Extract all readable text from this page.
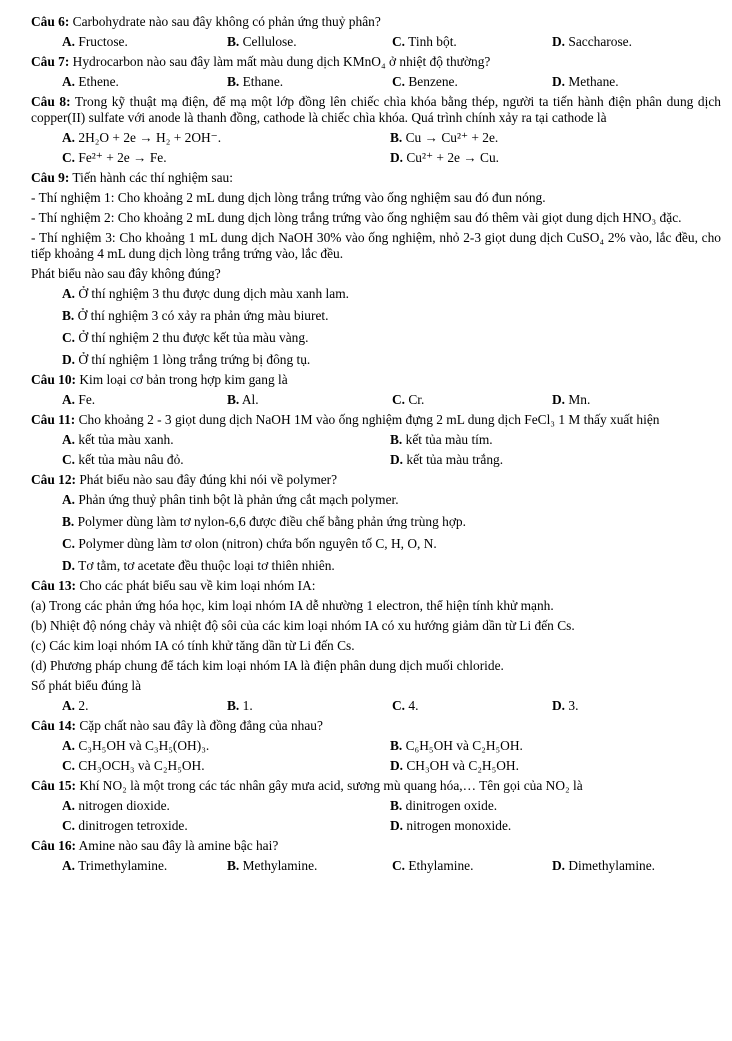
Câu 6: Carbohydrate nào sau đây không có phản ứng thuỷ phân?
A. Fructose.	B. Cellulose.	C. Tinh bột.	D. Saccharose.
Câu 7: Hydrocarbon nào sau đây làm mất màu dung dịch KMnO₄ ở nhiệt độ thường?
A. Ethene.	B. Ethane.	C. Benzene.	D. Methane.
Câu 8: Trong kỹ thuật mạ điện, để mạ một lớp đồng lên chiếc chìa khóa bằng thép, người ta tiến hành điện phân dung dịch copper(II) sulfate với anode là thanh đồng, cathode là chiếc chìa khóa. Quá trình chính xảy ra tại cathode là
A. 2H₂O + 2e → H₂ + 2OH⁻.	B. Cu → Cu²⁺ + 2e.
C. Fe²⁺ + 2e → Fe.	D. Cu²⁺ + 2e → Cu.
Câu 9: Tiến hành các thí nghiệm sau:
- Thí nghiệm 1: Cho khoảng 2 mL dung dịch lòng trắng trứng vào ống nghiệm sau đó đun nóng.
- Thí nghiệm 2: Cho khoảng 2 mL dung dịch lòng trắng trứng vào ống nghiệm sau đó thêm vài giọt dung dịch HNO₃ đặc.
- Thí nghiệm 3: Cho khoảng 1 mL dung dịch NaOH 30% vào ống nghiệm, nhỏ 2-3 giọt dung dịch CuSO₄ 2% vào, lắc đều, cho tiếp khoảng 4 mL dung dịch lòng trắng trứng vào, lắc đều.
Phát biểu nào sau đây không đúng?
A. Ở thí nghiệm 3 thu được dung dịch màu xanh lam.
B. Ở thí nghiệm 3 có xảy ra phản ứng màu biuret.
C. Ở thí nghiệm 2 thu được kết tủa màu vàng.
D. Ở thí nghiệm 1 lòng trắng trứng bị đông tụ.
Câu 10: Kim loại cơ bản trong hợp kim gang là
A. Fe.	B. Al.	C. Cr.	D. Mn.
Câu 11: Cho khoảng 2 - 3 giọt dung dịch NaOH 1M vào ống nghiệm đựng 2 mL dung dịch FeCl₃ 1 M thấy xuất hiện
A. kết tủa màu xanh.	B. kết tủa màu tím.
C. kết tủa màu nâu đỏ.	D. kết tủa màu trắng.
Câu 12: Phát biểu nào sau đây đúng khi nói về polymer?
A. Phản ứng thuỷ phân tinh bột là phản ứng cắt mạch polymer.
B. Polymer dùng làm tơ nylon-6,6 được điều chế bằng phản ứng trùng hợp.
C. Polymer dùng làm tơ olon (nitron) chứa bốn nguyên tố C, H, O, N.
D. Tơ tằm, tơ acetate đều thuộc loại tơ thiên nhiên.
Câu 13: Cho các phát biểu sau về kim loại nhóm IA:
(a) Trong các phản ứng hóa học, kim loại nhóm IA dễ nhường 1 electron, thể hiện tính khử mạnh.
(b) Nhiệt độ nóng chảy và nhiệt độ sôi của các kim loại nhóm IA có xu hướng giảm dần từ Li đến Cs.
(c) Các kim loại nhóm IA có tính khử tăng dần từ Li đến Cs.
(d) Phương pháp chung để tách kim loại nhóm IA là điện phân dung dịch muối chloride.
Số phát biểu đúng là
A. 2.	B. 1.	C. 4.	D. 3.
Câu 14: Cặp chất nào sau đây là đồng đẳng của nhau?
A. C₃H₅OH và C₃H₅(OH)₃.	B. C₆H₅OH và C₂H₅OH.
C. CH₃OCH₃ và C₂H₅OH.	D. CH₃OH và C₂H₅OH.
Câu 15: Khí NO₂ là một trong các tác nhân gây mưa acid, sương mù quang hóa,… Tên gọi của NO₂ là
A. nitrogen dioxide.	B. dinitrogen oxide.
C. dinitrogen tetroxide.	D. nitrogen monoxide.
Câu 16: Amine nào sau đây là amine bậc hai?
A. Trimethylamine.	B. Methylamine.	C. Ethylamine.	D. Dimethylamine.
